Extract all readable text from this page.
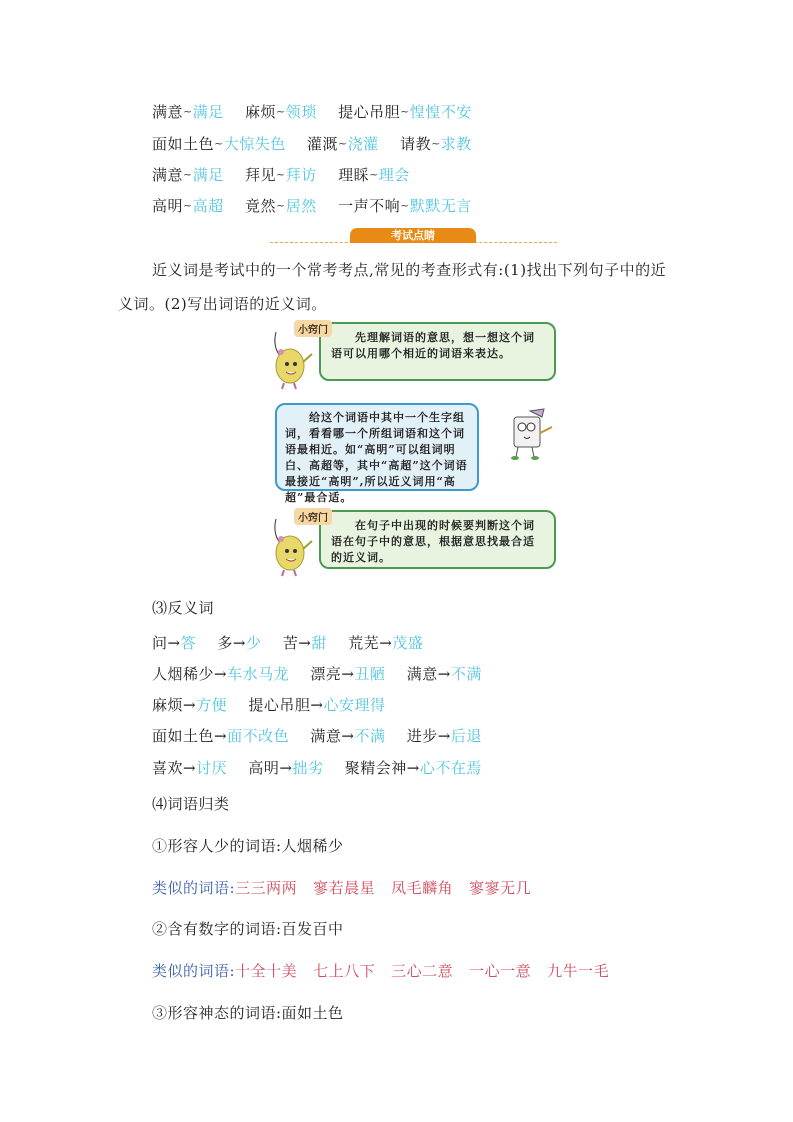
满意~满足 麻烦~领琐 提心吊胆~惶惶不安
面如土色~大惊失色 灌溉~浇灌 请教~求教
满意~满足 拜见~拜访 理睬~理会
高明~高超 竟然~居然 一声不响~默默无言
考试点睛
近义词是考试中的一个常考考点,常见的考查形式有:(1)找出下列句子中的近义词。(2)写出词语的近义词。
先理解词语的意思，想一想这个词语可以用哪个相近的词语来表达。
小窍门
给这个词语中其中一个生字组词，看看哪一个所组词语和这个词语最相近。如“高明”可以组词明白、高超等，其中“高超”这个词语最接近“高明”,所以近义词用“高超”最合适。
在句子中出现的时候要判断这个词语在句子中的意思，根据意思找最合适的近义词。
小窍门
⑶反义词
问→答 多→少 苦→甜 荒芜→茂盛
人烟稀少→车水马龙 漂亮→丑陋 满意→不满
麻烦→方便 提心吊胆→心安理得
面如土色→面不改色 满意→不满 进步→后退
喜欢→讨厌 高明→拙劣 聚精会神→心不在焉
⑷词语归类
①形容人少的词语:人烟稀少
类似的词语:三三两两 寥若晨星 凤毛麟角 寥寥无几
②含有数字的词语:百发百中
类似的词语:十全十美 七上八下 三心二意 一心一意 九牛一毛
③形容神态的词语:面如土色
